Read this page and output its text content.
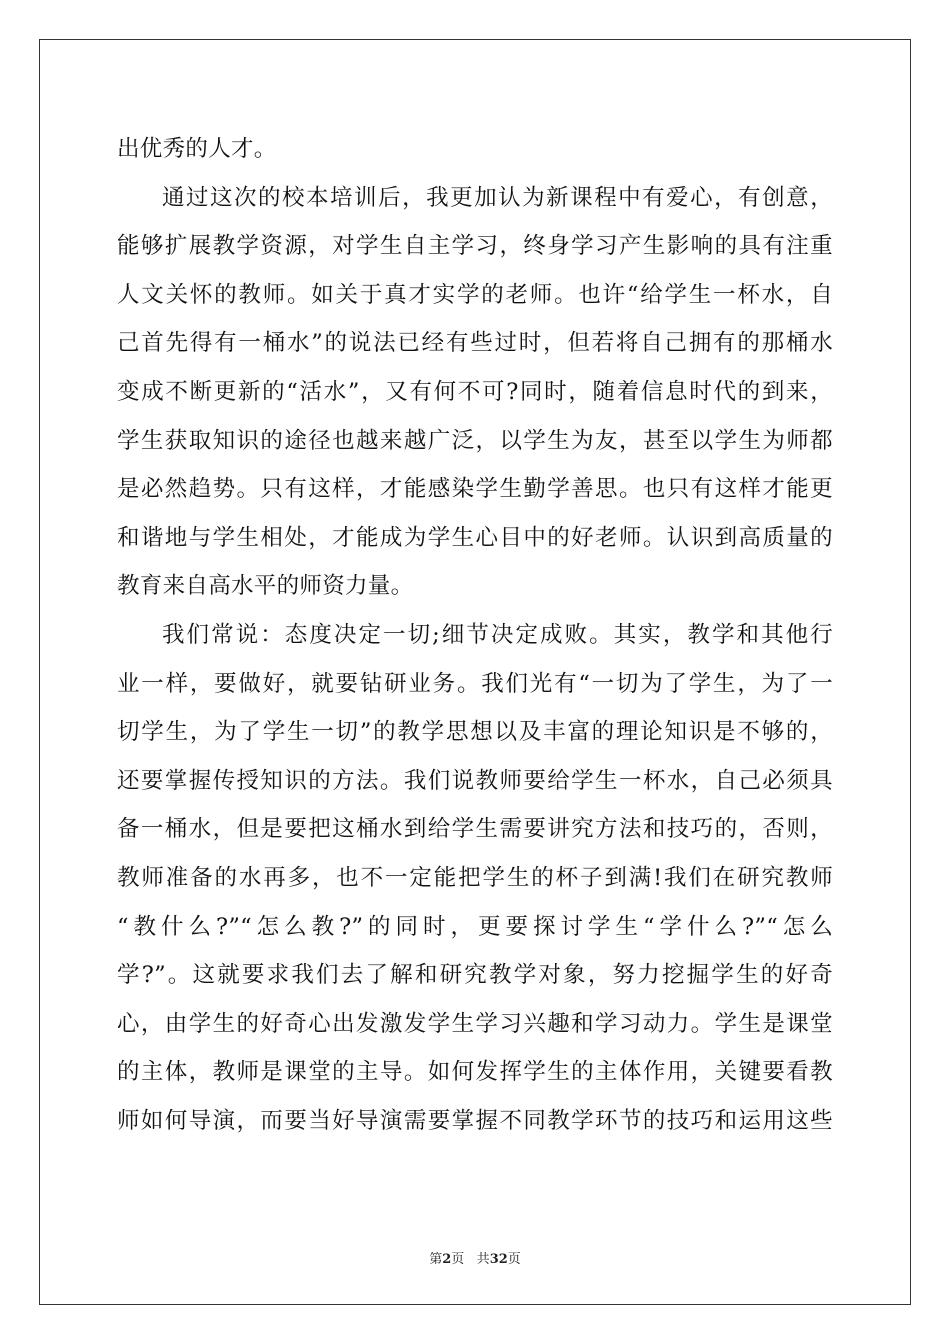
出优秀的人才。
通过这次的校本培训后，我更加认为新课程中有爱心，有创意，
能够扩展教学资源，对学生自主学习，终身学习产生影响的具有注重
人文关怀的教师。如关于真才实学的老师。也许“给学生一杯水，自
己首先得有一桶水”的说法已经有些过时，但若将自己拥有的那桶水
变成不断更新的“活水”，又有何不可?同时，随着信息时代的到来，
学生获取知识的途径也越来越广泛，以学生为友，甚至以学生为师都
是必然趋势。只有这样，才能感染学生勤学善思。也只有这样才能更
和谐地与学生相处，才能成为学生心目中的好老师。认识到高质量的
教育来自高水平的师资力量。
我们常说：态度决定一切;细节决定成败。其实，教学和其他行
业一样，要做好，就要钻研业务。我们光有“一切为了学生，为了一
切学生，为了学生一切”的教学思想以及丰富的理论知识是不够的，
还要掌握传授知识的方法。我们说教师要给学生一杯水，自己必须具
备一桶水，但是要把这桶水到给学生需要讲究方法和技巧的，否则，
教师准备的水再多，也不一定能把学生的杯子到满!我们在研究教师
“教什么?”“怎么教?”的同时，更要探讨学生“学什么?”“怎么
学?”。这就要求我们去了解和研究教学对象，努力挖掘学生的好奇
心，由学生的好奇心出发激发学生学习兴趣和学习动力。学生是课堂
的主体，教师是课堂的主导。如何发挥学生的主体作用，关键要看教
师如何导演，而要当好导演需要掌握不同教学环节的技巧和运用这些
第2页 共32页
